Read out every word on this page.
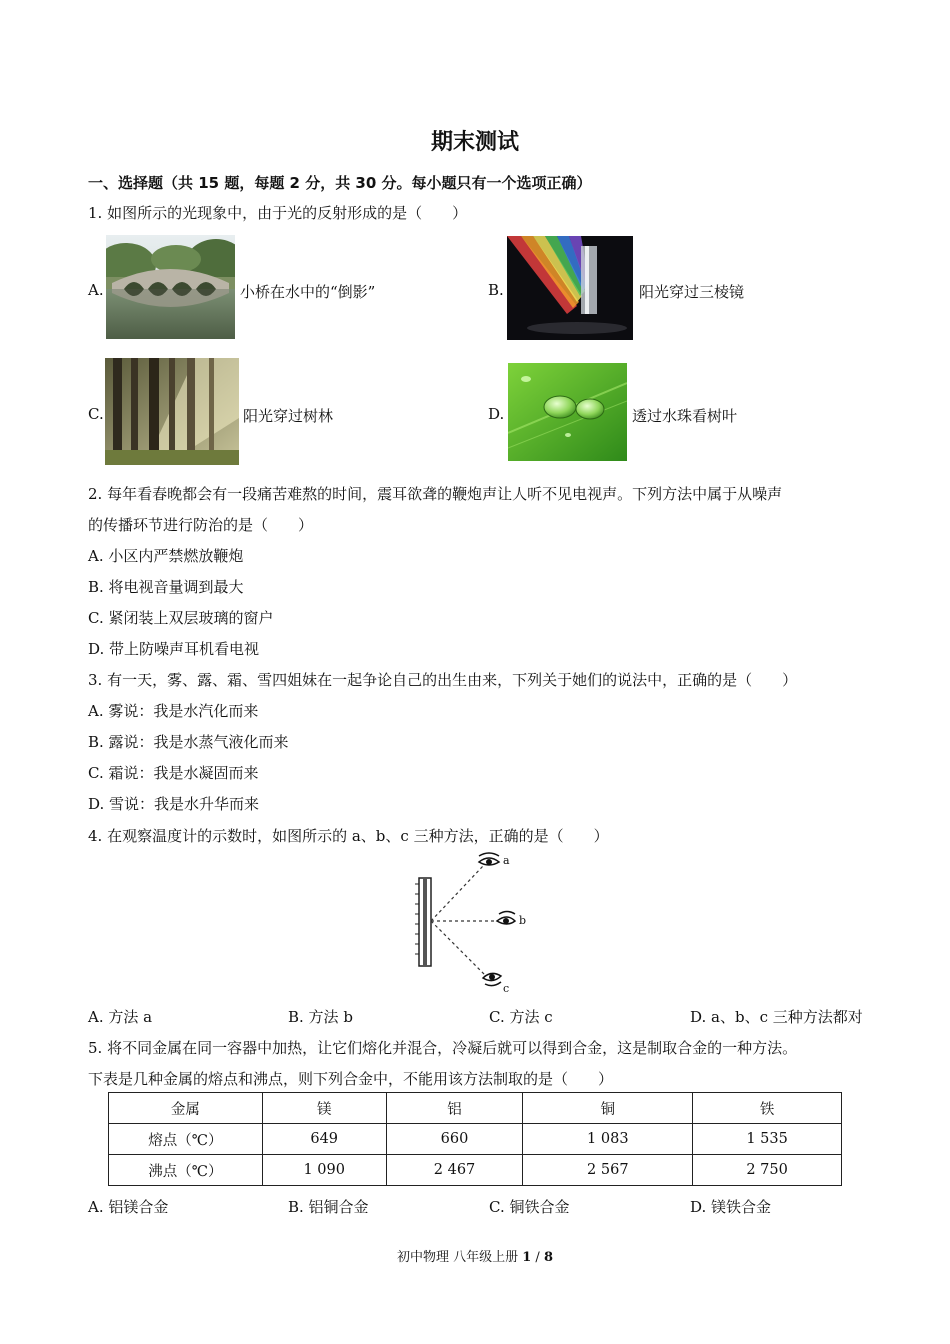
期末测试
一、选择题（共 15 题，每题 2 分，共 30 分。每小题只有一个选项正确）
1. 如图所示的光现象中，由于光的反射形成的是（　　）
A.	小桥在水中的“倒影”	B.	阳光穿过三棱镜
C.	阳光穿过树林	D.	透过水珠看树叶
2. 每年看春晚都会有一段痛苦难熬的时间，震耳欲聋的鞭炮声让人听不见电视声。下列方法中属于从噪声
的传播环节进行防治的是（　　）
A. 小区内严禁燃放鞭炮
B. 将电视音量调到最大
C. 紧闭装上双层玻璃的窗户
D. 带上防噪声耳机看电视
3. 有一天，雾、露、霜、雪四姐妹在一起争论自己的出生由来，下列关于她们的说法中，正确的是（　　）
A. 雾说：我是水汽化而来
B. 露说：我是水蒸气液化而来
C. 霜说：我是水凝固而来
D. 雪说：我是水升华而来
4. 在观察温度计的示数时，如图所示的 a、b、c 三种方法，正确的是（　　）
a
b
c
A. 方法 a	B. 方法 b	C. 方法 c	D. a、b、c 三种方法都对
5. 将不同金属在同一容器中加热，让它们熔化并混合，冷凝后就可以得到合金，这是制取合金的一种方法。
下表是几种金属的熔点和沸点，则下列合金中，不能用该方法制取的是（　　）
金属	镁	铝	铜	铁
熔点（℃）	649	660	1 083	1 535
沸点（℃）	1 090	2 467	2 567	2 750
A. 铝镁合金	B. 铝铜合金	C. 铜铁合金	D. 镁铁合金
初中物理 八年级上册 1 / 8
